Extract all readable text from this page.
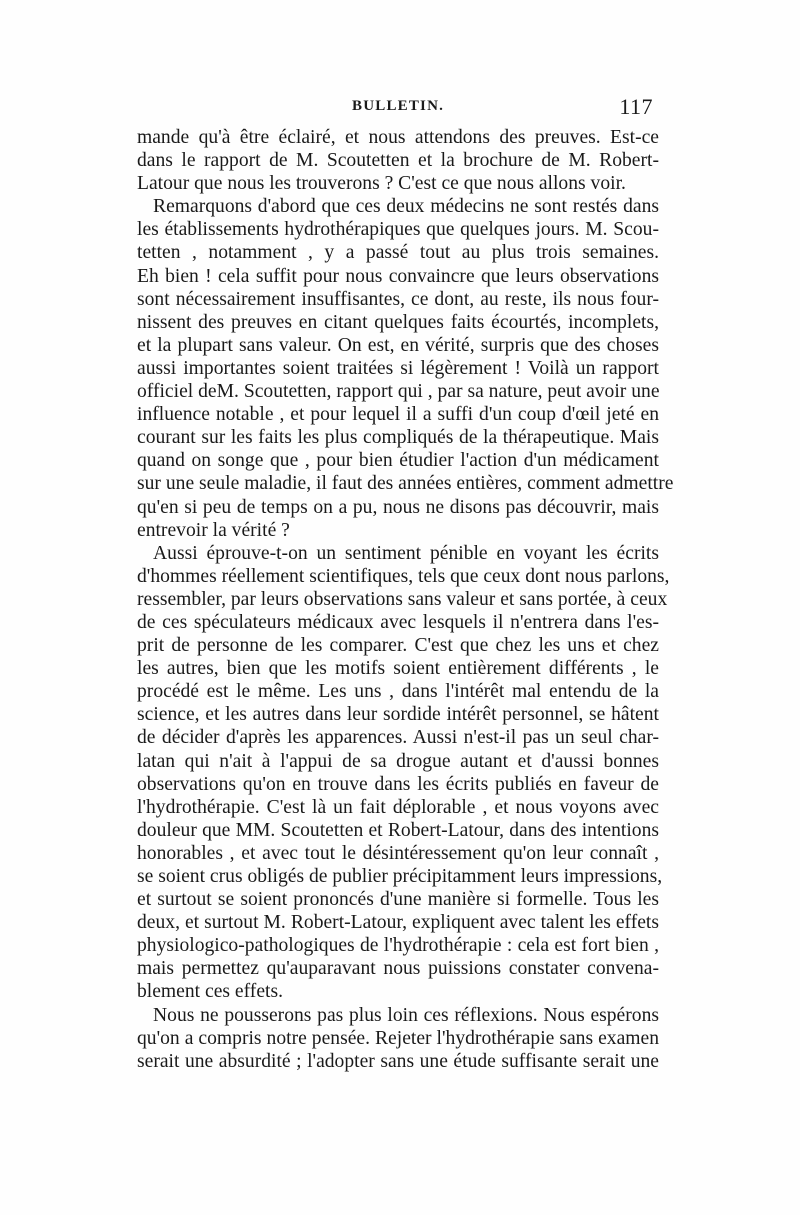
BULLETIN.	117
mande qu'à être éclairé, et nous attendons des preuves. Est-ce
dans le rapport de M. Scoutetten et la brochure de M. Robert-
Latour que nous les trouverons ? C'est ce que nous allons voir.
Remarquons d'abord que ces deux médecins ne sont restés dans
les établissements hydrothérapiques que quelques jours. M. Scou-
tetten , notamment , y a passé tout au plus trois semaines.
Eh bien ! cela suffit pour nous convaincre que leurs observations
sont nécessairement insuffisantes, ce dont, au reste, ils nous four-
nissent des preuves en citant quelques faits écourtés, incomplets,
et la plupart sans valeur. On est, en vérité, surpris que des choses
aussi importantes soient traitées si légèrement ! Voilà un rapport
officiel deM. Scoutetten, rapport qui , par sa nature, peut avoir une
influence notable , et pour lequel il a suffi d'un coup d'œil jeté en
courant sur les faits les plus compliqués de la thérapeutique. Mais
quand on songe que , pour bien étudier l'action d'un médicament
sur une seule maladie, il faut des années entières, comment admettre
qu'en si peu de temps on a pu, nous ne disons pas découvrir, mais
entrevoir la vérité ?
Aussi éprouve-t-on un sentiment pénible en voyant les écrits
d'hommes réellement scientifiques, tels que ceux dont nous parlons,
ressembler, par leurs observations sans valeur et sans portée, à ceux
de ces spéculateurs médicaux avec lesquels il n'entrera dans l'es-
prit de personne de les comparer. C'est que chez les uns et chez
les autres, bien que les motifs soient entièrement différents , le
procédé est le même. Les uns , dans l'intérêt mal entendu de la
science, et les autres dans leur sordide intérêt personnel, se hâtent
de décider d'après les apparences. Aussi n'est-il pas un seul char-
latan qui n'ait à l'appui de sa drogue autant et d'aussi bonnes
observations qu'on en trouve dans les écrits publiés en faveur de
l'hydrothérapie. C'est là un fait déplorable , et nous voyons avec
douleur que MM. Scoutetten et Robert-Latour, dans des intentions
honorables , et avec tout le désintéressement qu'on leur connaît ,
se soient crus obligés de publier précipitamment leurs impressions,
et surtout se soient prononcés d'une manière si formelle. Tous les
deux, et surtout M. Robert-Latour, expliquent avec talent les effets
physiologico-pathologiques de l'hydrothérapie : cela est fort bien ,
mais permettez qu'auparavant nous puissions constater convena-
blement ces effets.
Nous ne pousserons pas plus loin ces réflexions. Nous espérons
qu'on a compris notre pensée. Rejeter l'hydrothérapie sans examen
serait une absurdité ; l'adopter sans une étude suffisante serait une
